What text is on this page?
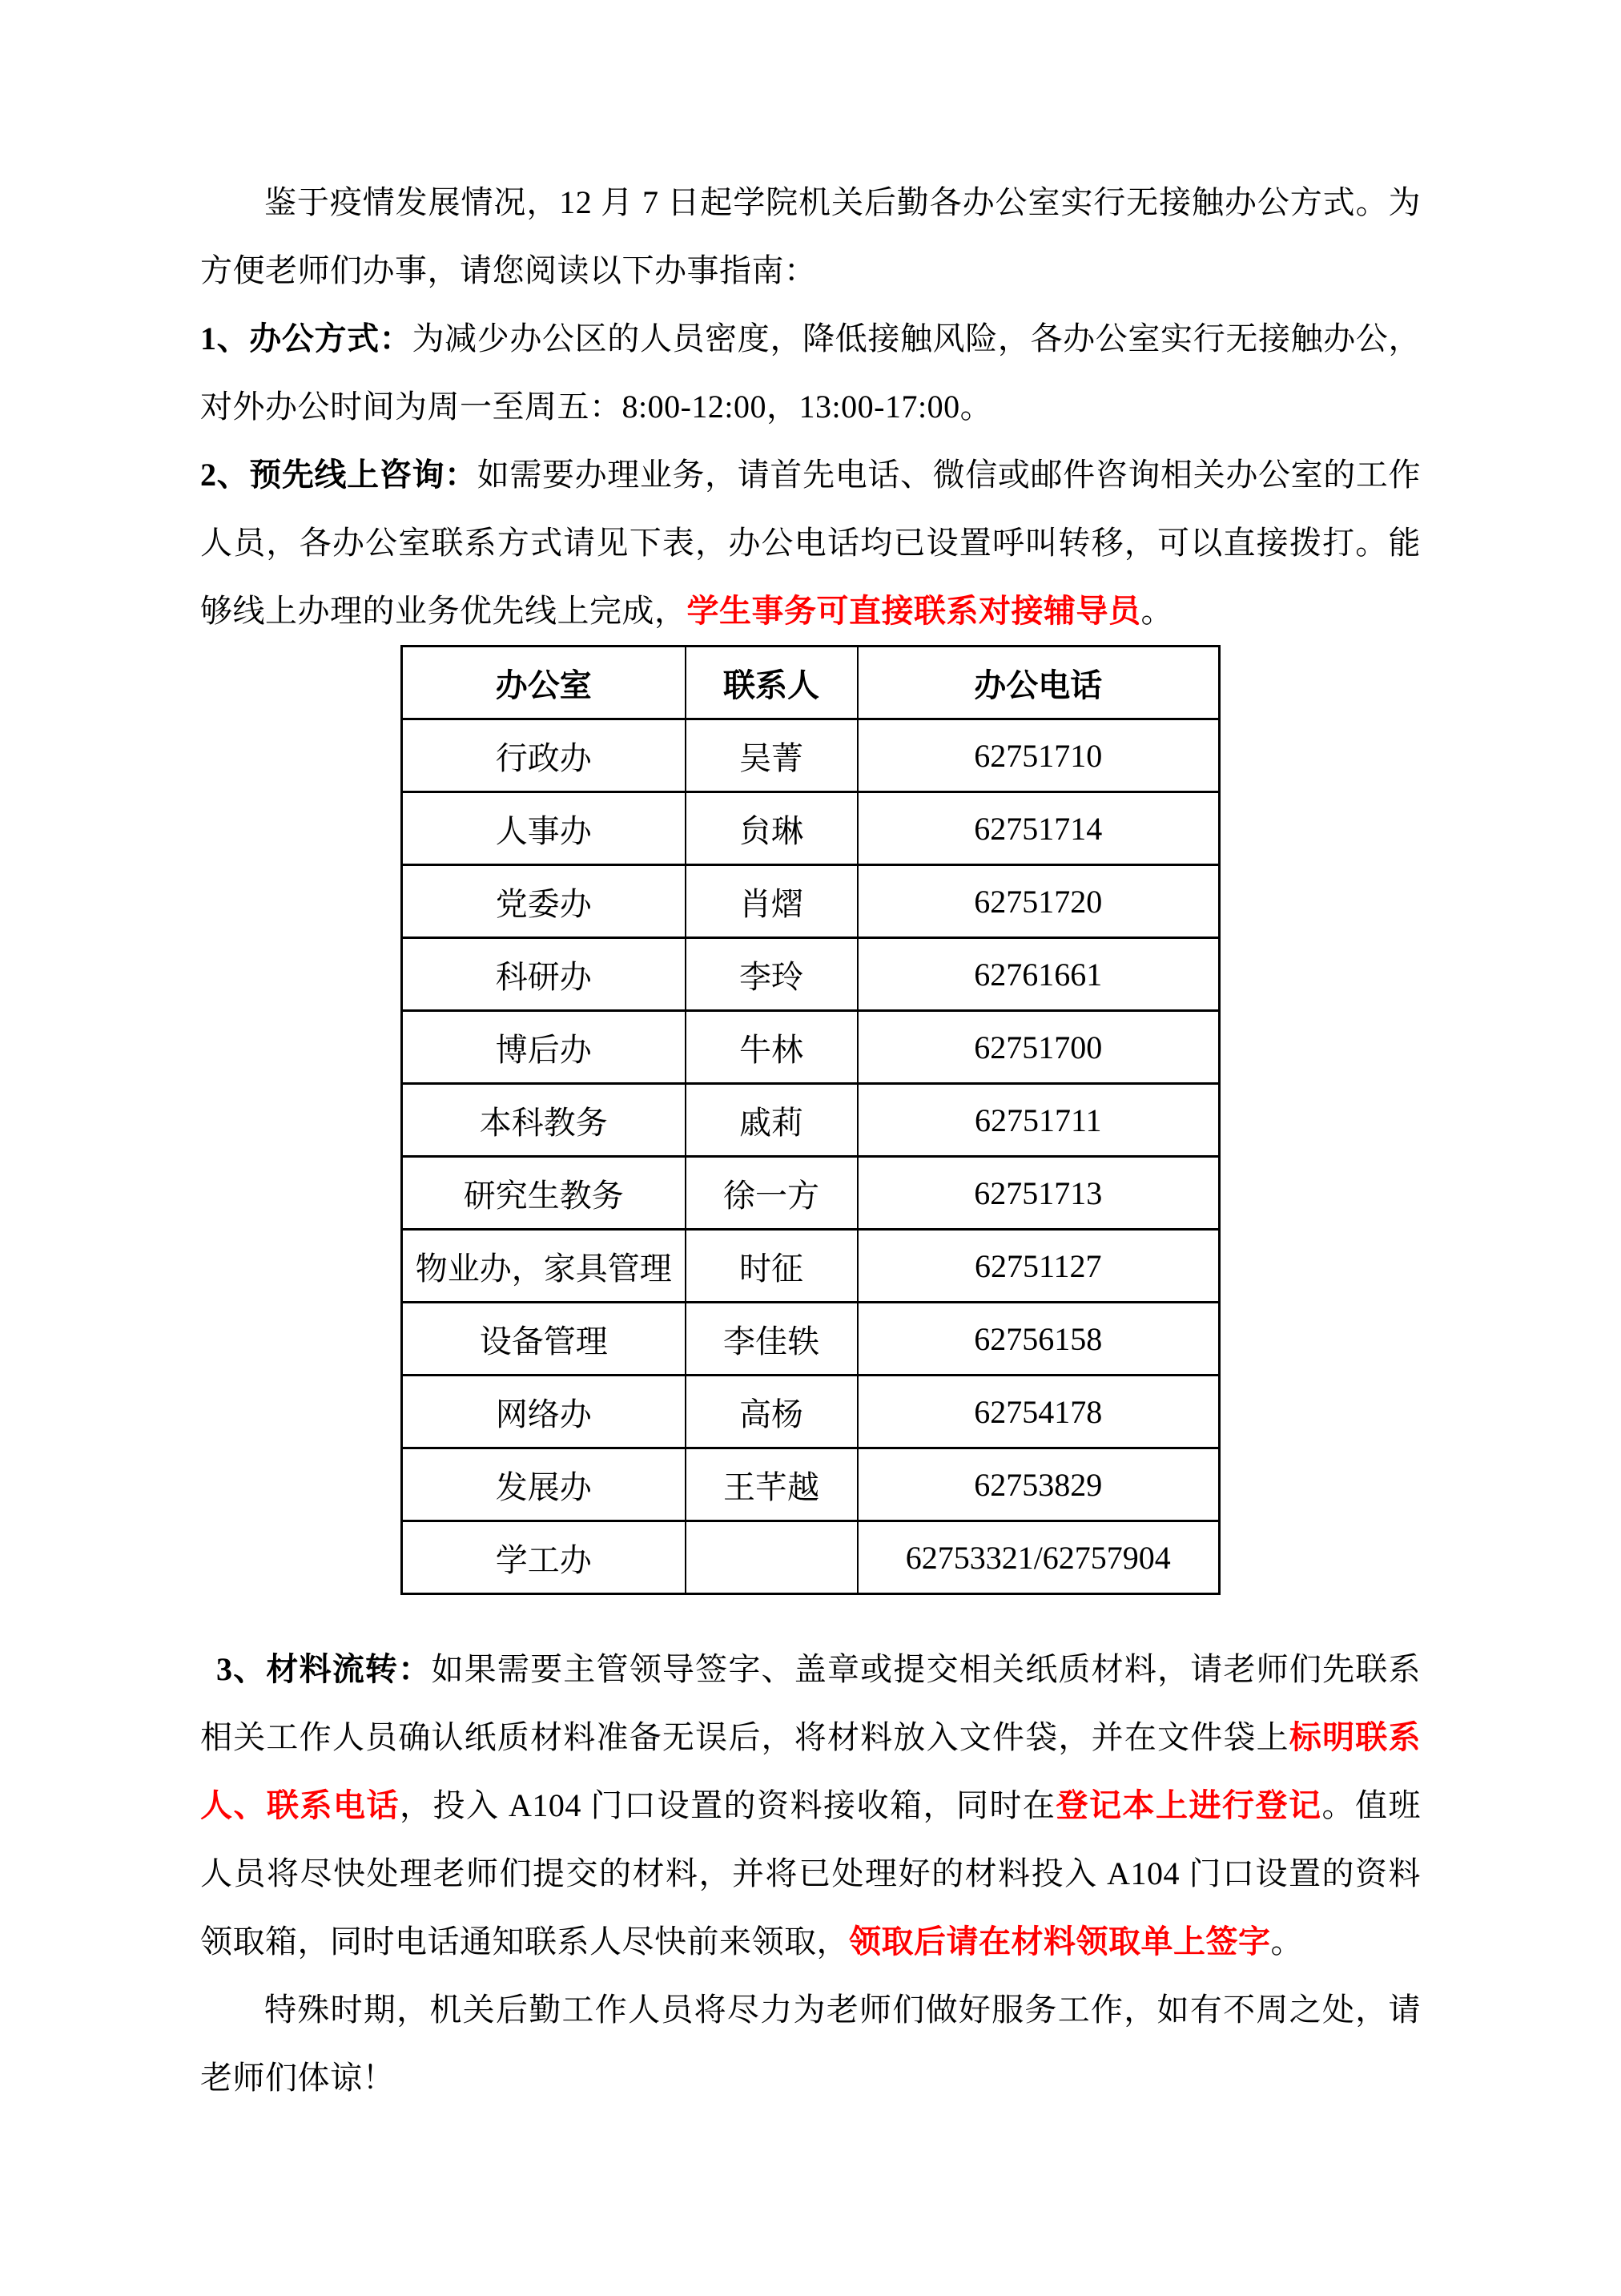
鉴于疫情发展情况，12 月 7 日起学院机关后勤各办公室实行无接触办公方式。为方便老师们办事，请您阅读以下办事指南：

1、办公方式：为减少办公区的人员密度，降低接触风险，各办公室实行无接触办公，对外办公时间为周一至周五：8:00-12:00，13:00-17:00。

2、预先线上咨询：如需要办理业务，请首先电话、微信或邮件咨询相关办公室的工作人员，各办公室联系方式请见下表，办公电话均已设置呼叫转移，可以直接拨打。能够线上办理的业务优先线上完成，学生事务可直接联系对接辅导员。

办公室	联系人	办公电话
行政办	吴菁	62751710
人事办	贠琳	62751714
党委办	肖熠	62751720
科研办	李玲	62761661
博后办	牛林	62751700
本科教务	戚莉	62751711
研究生教务	徐一方	62751713
物业办，家具管理	时征	62751127
设备管理	李佳轶	62756158
网络办	高杨	62754178
发展办	王芊越	62753829
学工办		62753321/62757904

3、材料流转：如果需要主管领导签字、盖章或提交相关纸质材料，请老师们先联系相关工作人员确认纸质材料准备无误后，将材料放入文件袋，并在文件袋上标明联系人、联系电话，投入 A104 门口设置的资料接收箱，同时在登记本上进行登记。值班人员将尽快处理老师们提交的材料，并将已处理好的材料投入 A104 门口设置的资料领取箱，同时电话通知联系人尽快前来领取，领取后请在材料领取单上签字。

特殊时期，机关后勤工作人员将尽力为老师们做好服务工作，如有不周之处，请老师们体谅！
